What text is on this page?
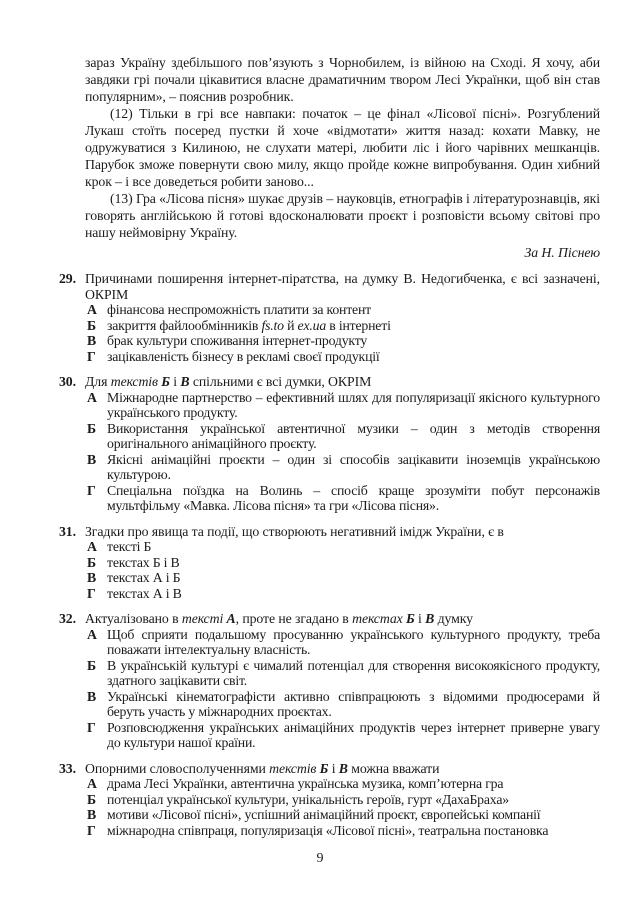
зараз Україну здебільшого пов’язують з Чорнобилем, із війною на Сході. Я хочу, аби завдяки грі почали цікавитися власне драматичним твором Лесі Українки, щоб він став популярним», – пояснив розробник.

(12) Тільки в грі все навпаки: початок – це фінал «Лісової пісні». Розгублений Лукаш стоїть посеред пустки й хоче «відмотати» життя назад: кохати Мавку, не одружуватися з Килиною, не слухати матері, любити ліс і його чарівних мешканців. Парубок зможе повернути свою милу, якщо пройде кожне випробування. Один хибний крок – і все доведеться робити заново...

(13) Гра «Лісова пісня» шукає друзів – науковців, етнографів і літературознавців, які говорять англійською й готові вдосконалювати проєкт і розповісти всьому світові про нашу неймовірну Україну.

За Н. Піснею
29. Причинами поширення інтернет-піратства, на думку В. Недогибченка, є всі зазначені, ОКРІМ
А фінансова неспроможність платити за контент
Б закриття файлообмінників fs.to й ex.ua в інтернеті
В брак культури споживання інтернет-продукту
Г зацікавленість бізнесу в рекламі своєї продукції
30. Для текстів Б і В спільними є всі думки, ОКРІМ
А Міжнародне партнерство – ефективний шлях для популяризації якісного культурного українського продукту.
Б Використання української автентичної музики – один з методів створення оригінального анімаційного проєкту.
В Якісні анімаційні проєкти – один зі способів зацікавити іноземців українською культурою.
Г Спеціальна поїздка на Волинь – спосіб краще зрозуміти побут персонажів мультфільму «Мавка. Лісова пісня» та гри «Лісова пісня».
31. Згадки про явища та події, що створюють негативний імідж України, є в
А тексті Б
Б текстах Б і В
В текстах А і Б
Г текстах А і В
32. Актуалізовано в тексті А, проте не згадано в текстах Б і В думку
А Щоб сприяти подальшому просуванню українського культурного продукту, треба поважати інтелектуальну власність.
Б В українській культурі є чималий потенціал для створення високоякісного продукту, здатного зацікавити світ.
В Українські кінематографісти активно співпрацюють з відомими продюсерами й беруть участь у міжнародних проєктах.
Г Розповсюдження українських анімаційних продуктів через інтернет приверне увагу до культури нашої країни.
33. Опорними словосполученнями текстів Б і В можна вважати
А драма Лесі Українки, автентична українська музика, комп’ютерна гра
Б потенціал української культури, унікальність героїв, гурт «ДахаБраха»
В мотиви «Лісової пісні», успішний анімаційний проєкт, європейські компанії
Г міжнародна співпраця, популяризація «Лісової пісні», театральна постановка
9
